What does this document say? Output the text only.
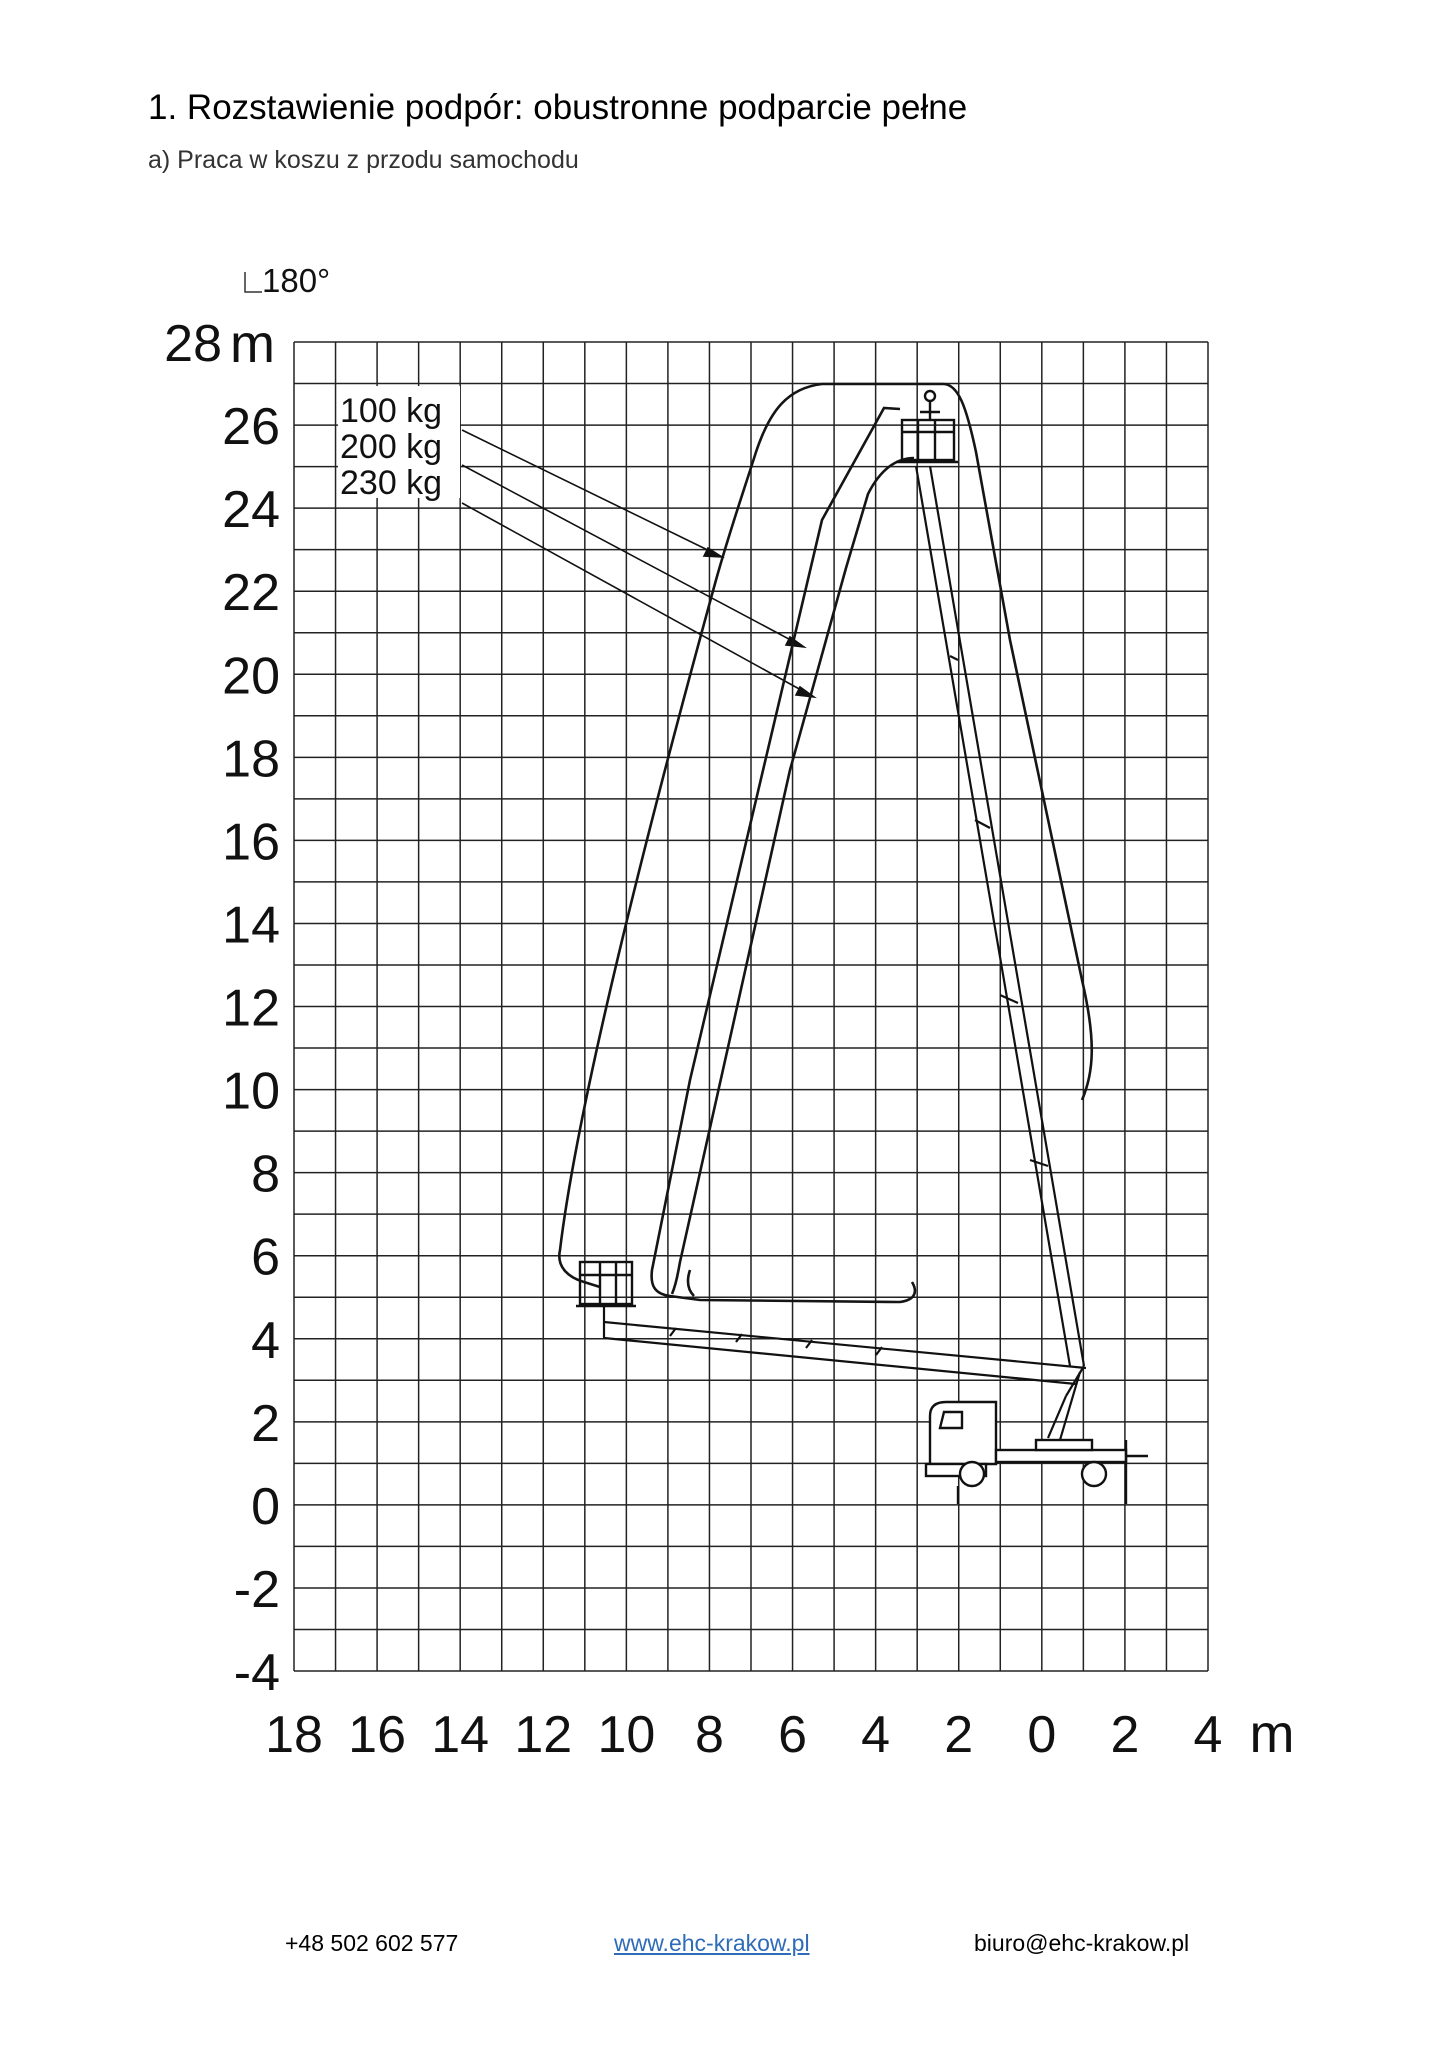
1. Rozstawienie podpór: obustronne podparcie pełne
a) Praca w koszu z przodu samochodu
180°
28
26
24
22
20
18
16
14
12
10
8
6
4
2
0
-2
-4
m
18 16 14 12 10 8 6 4 2 0 2 4 m
100 kg
200 kg
230 kg
+48 502 602 577	www.ehc-krakow.pl	biuro@ehc-krakow.pl
